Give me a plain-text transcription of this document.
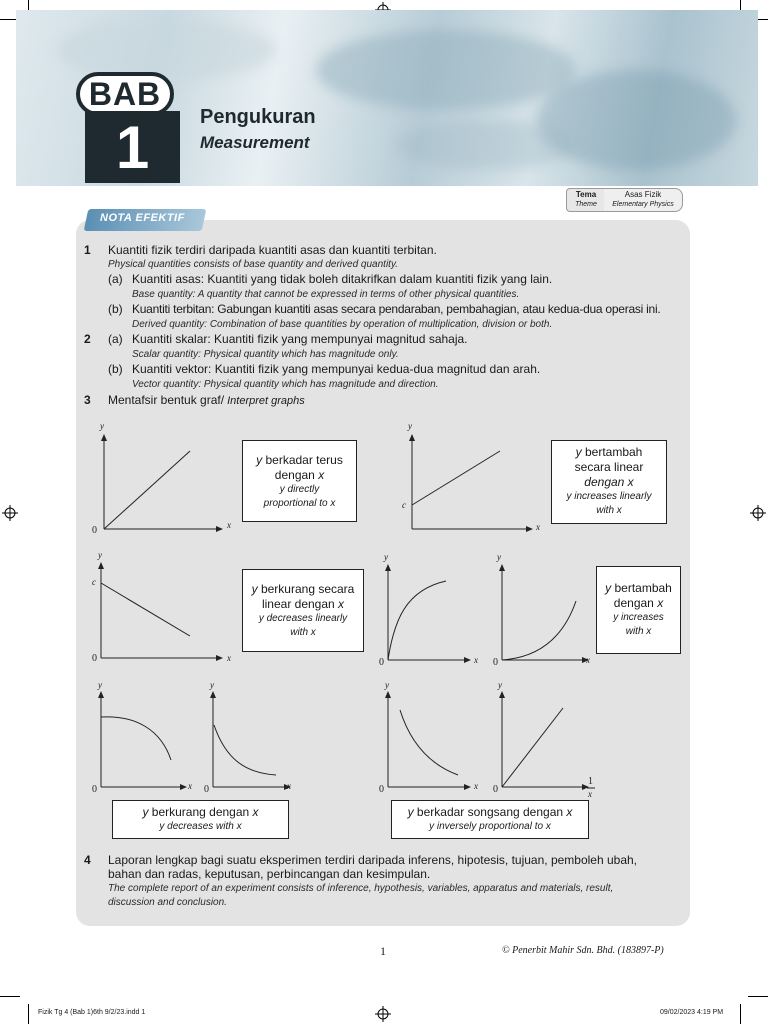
BAB
1	Pengukuran
Measurement
Tema
Theme
Asas Fizik
Elementary Physics
NOTA EFEKTIF
1 Kuantiti fizik terdiri daripada kuantiti asas dan kuantiti terbitan.
Physical quantities consists of base quantity and derived quantity.
(a) Kuantiti asas: Kuantiti yang tidak boleh ditakrifkan dalam kuantiti fizik yang lain.
Base quantity: A quantity that cannot be expressed in terms of other physical quantities.
(b) Kuantiti terbitan: Gabungan kuantiti asas secara pendaraban, pembahagian, atau kedua-dua operasi ini.
Derived quantity: Combination of base quantities by operation of multiplication, division or both.
2 (a) Kuantiti skalar: Kuantiti fizik yang mempunyai magnitud sahaja.
Scalar quantity: Physical quantity which has magnitude only.
(b) Kuantiti vektor: Kuantiti fizik yang mempunyai kedua-dua magnitud dan arah.
Vector quantity: Physical quantity which has magnitude and direction.
3 Mentafsir bentuk graf/ Interpret graphs
y
x
y
x
c
y
x
c
y
x
y
x
y
x
y
x
y
x
y
x
0
0	0	0
0	0	0	0
1
y berkadar terus
dengan x
y directly
proportional to x
y bertambah
secara linear
dengan x
y increases linearly
with x
y berkurang secara
linear dengan x
y decreases linearly
with x
y bertambah
dengan x
y increases
with x
y berkurang dengan x
y decreases with x
y berkadar songsang dengan x
y inversely proportional to x
4 Laporan lengkap bagi suatu eksperimen terdiri daripada inferens, hipotesis, tujuan, pemboleh ubah,
bahan dan radas, keputusan, perbincangan dan kesimpulan.
The complete report of an experiment consists of inference, hypothesis, variables, apparatus and materials, result,
discussion and conclusion.
1	© Penerbit Mahir Sdn. Bhd. (183897-P)
Fizik Tg 4 (Bab 1)6th 9/2/23.indd 1	09/02/2023 4:19 PM
